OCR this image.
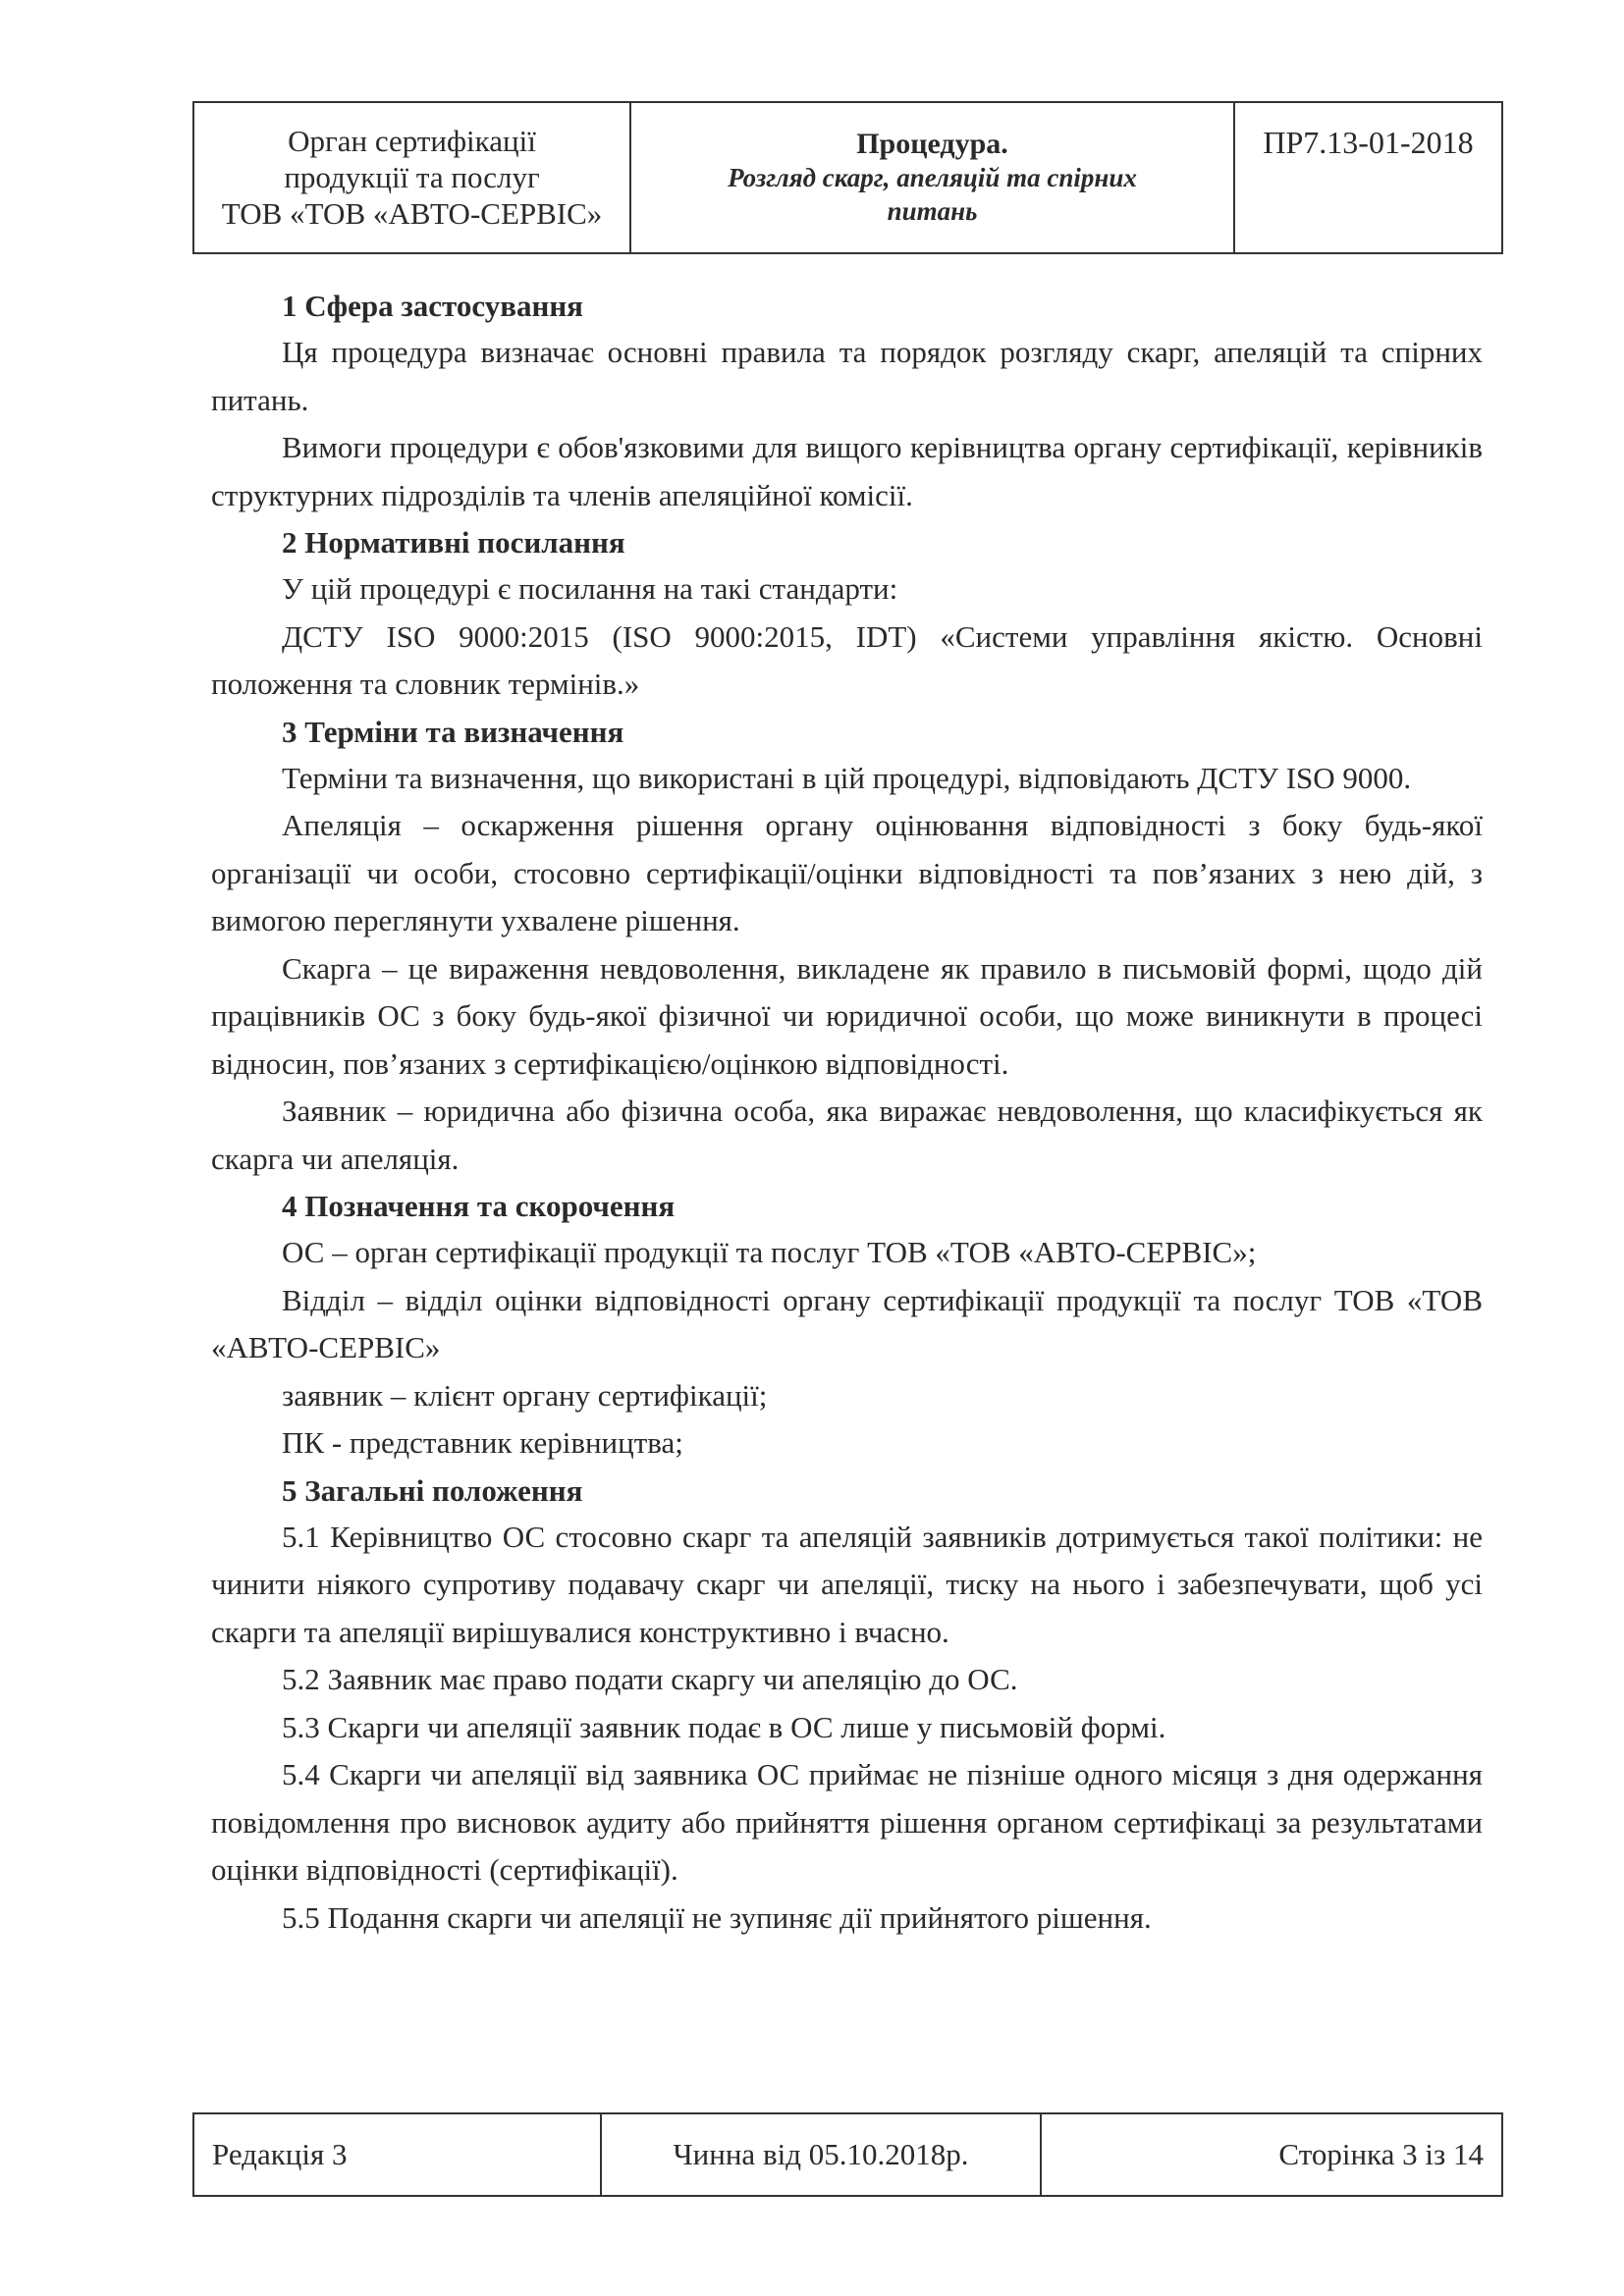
Орган сертифікації
продукції та послуг
ТОВ «ТОВ «АВТО-СЕРВІС»
Процедура.
Розгляд скарг, апеляцій та спірних
питань
ПР7.13-01-2018
1 Сфера застосування

Ця процедура визначає основні правила та порядок розгляду скарг, апеляцій та спірних питань.

Вимоги процедури є обов'язковими для вищого керівництва органу сертифікації, керівників структурних підрозділів та членів апеляційної комісії.

2 Нормативні посилання

У цій процедурі є посилання на такі стандарти:

ДСТУ ISO 9000:2015 (ISO 9000:2015, IDT) «Системи управління якістю. Основні положення та словник термінів.»

3 Терміни та визначення

Терміни та визначення, що використані в цій процедурі, відповідають ДСТУ ISO 9000.

Апеляція – оскарження рішення органу оцінювання відповідності з боку будь-якої організації чи особи, стосовно сертифікації/оцінки відповідності та пов’язаних з нею дій, з вимогою переглянути ухвалене рішення.

Скарга – це вираження невдоволення, викладене як правило в письмовій формі, щодо дій працівників ОС з боку будь-якої фізичної чи юридичної особи, що може виникнути в процесі відносин, пов’язаних з сертифікацією/оцінкою відповідності.

Заявник – юридична або фізична особа, яка виражає невдоволення, що класифікується як скарга чи апеляція.

4 Позначення та скорочення

ОС – орган сертифікації продукції та послуг ТОВ «ТОВ «АВТО-СЕРВІС»;

Відділ – відділ оцінки відповідності органу сертифікації продукції та послуг ТОВ «ТОВ «АВТО-СЕРВІС»

заявник – клієнт органу сертифікації;

ПК - представник керівництва;

5 Загальні положення

5.1 Керівництво ОС стосовно скарг та апеляцій заявників дотримується такої політики: не чинити ніякого супротиву подавачу скарг чи апеляції, тиску на нього і забезпечувати, щоб усі скарги та апеляції вирішувалися конструктивно і вчасно.

5.2 Заявник має право подати скаргу чи апеляцію до ОС.

5.3 Скарги чи апеляції заявник подає в ОС лише у письмовій формі.

5.4 Скарги чи апеляції від заявника ОС приймає не пізніше одного місяця з дня одержання повідомлення про висновок аудиту або прийняття рішення органом сертифікаці за результатами оцінки відповідності (сертифікації).

5.5 Подання скарги чи апеляції не зупиняє дії прийнятого рішення.

Редакція 3	Чинна від 05.10.2018р.	Сторінка 3 із 14
